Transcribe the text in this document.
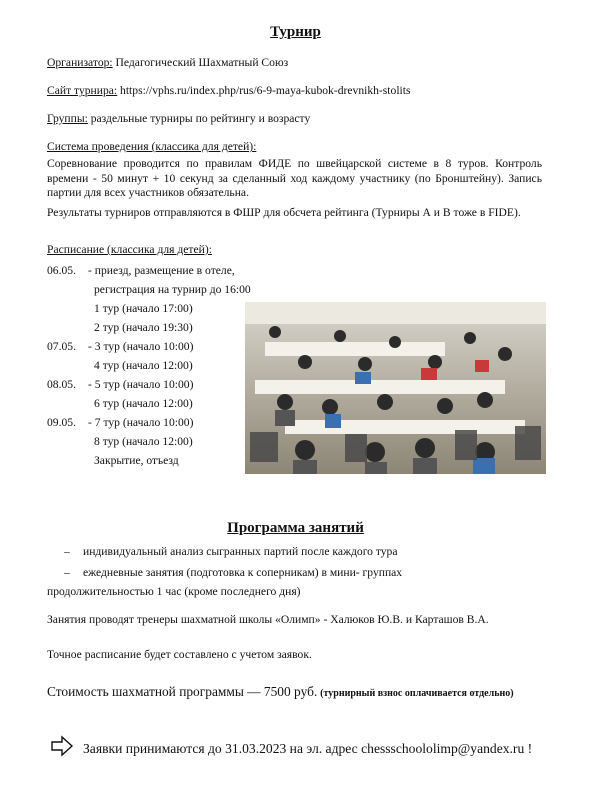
Турнир
Организатор: Педагогический Шахматный Союз
Сайт турнира: https://vphs.ru/index.php/rus/6-9-maya-kubok-drevnikh-stolits
Группы: раздельные турниры по рейтингу и возрасту
Система проведения (классика для детей):
Соревнование проводится по правилам ФИДЕ по швейцарской системе в 8 туров. Контроль времени - 50 минут + 10 секунд за сделанный ход каждому участнику (по Бронштейну). Запись партии для всех участников обязательна.
Результаты турниров отправляются в ФШР для обсчета рейтинга (Турниры А и В тоже в FIDE).
Расписание (классика для детей):
06.05. - приезд, размещение в отеле,
регистрация на турнир до 16:00
1 тур (начало 17:00)
2 тур (начало 19:30)
07.05. - 3 тур (начало 10:00)
4 тур (начало 12:00)
08.05. - 5 тур (начало 10:00)
6 тур (начало 12:00)
09.05. - 7 тур (начало 10:00)
8 тур (начало 12:00)
Закрытие, отъезд
Программа занятий
– индивидуальный анализ сыгранных партий после каждого тура
– ежедневные занятия (подготовка к соперникам) в мини- группах
продолжительностью 1 час (кроме последнего дня)
Занятия проводят тренеры шахматной школы «Олимп» - Халюков Ю.В. и Карташов В.А.
Точное расписание будет составлено с учетом заявок.
Стоимость шахматной программы — 7500 руб. (турнирный взнос оплачивается отдельно)
Заявки принимаются до 31.03.2023 на эл. адрес chessschoololimp@yandex.ru !
